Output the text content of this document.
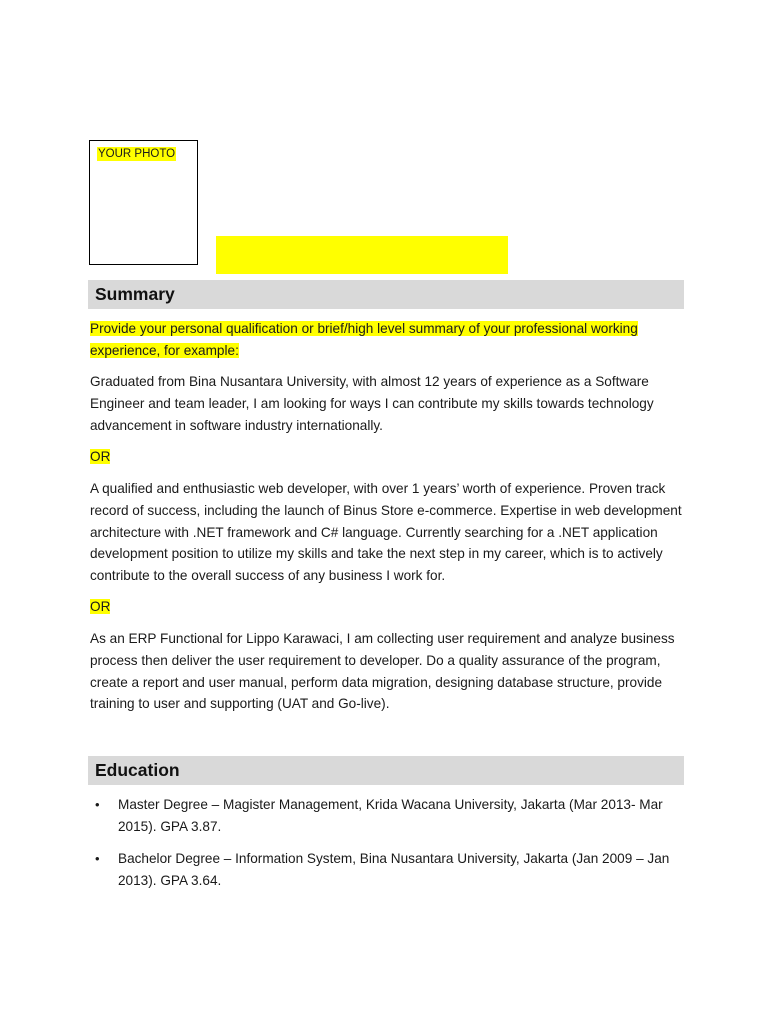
YOUR PHOTO
Summary

Provide your personal qualification or brief/high level summary of your professional working experience, for example:

Graduated from Bina Nusantara University, with almost 12 years of experience as a Software Engineer and team leader, I am looking for ways I can contribute my skills towards technology advancement in software industry internationally.

OR

A qualified and enthusiastic web developer, with over 1 years’ worth of experience. Proven track record of success, including the launch of Binus Store e-commerce. Expertise in web development architecture with .NET framework and C# language. Currently searching for a .NET application development position to utilize my skills and take the next step in my career, which is to actively contribute to the overall success of any business I work for.

OR

As an ERP Functional for Lippo Karawaci, I am collecting user requirement and analyze business process then deliver the user requirement to developer. Do a quality assurance of the program, create a report and user manual, perform data migration, designing database structure, provide training to user and supporting (UAT and Go-live).

Education
• Master Degree – Magister Management, Krida Wacana University, Jakarta (Mar 2013- Mar 2015). GPA 3.87.
• Bachelor Degree – Information System, Bina Nusantara University, Jakarta (Jan 2009 – Jan 2013). GPA 3.64.
